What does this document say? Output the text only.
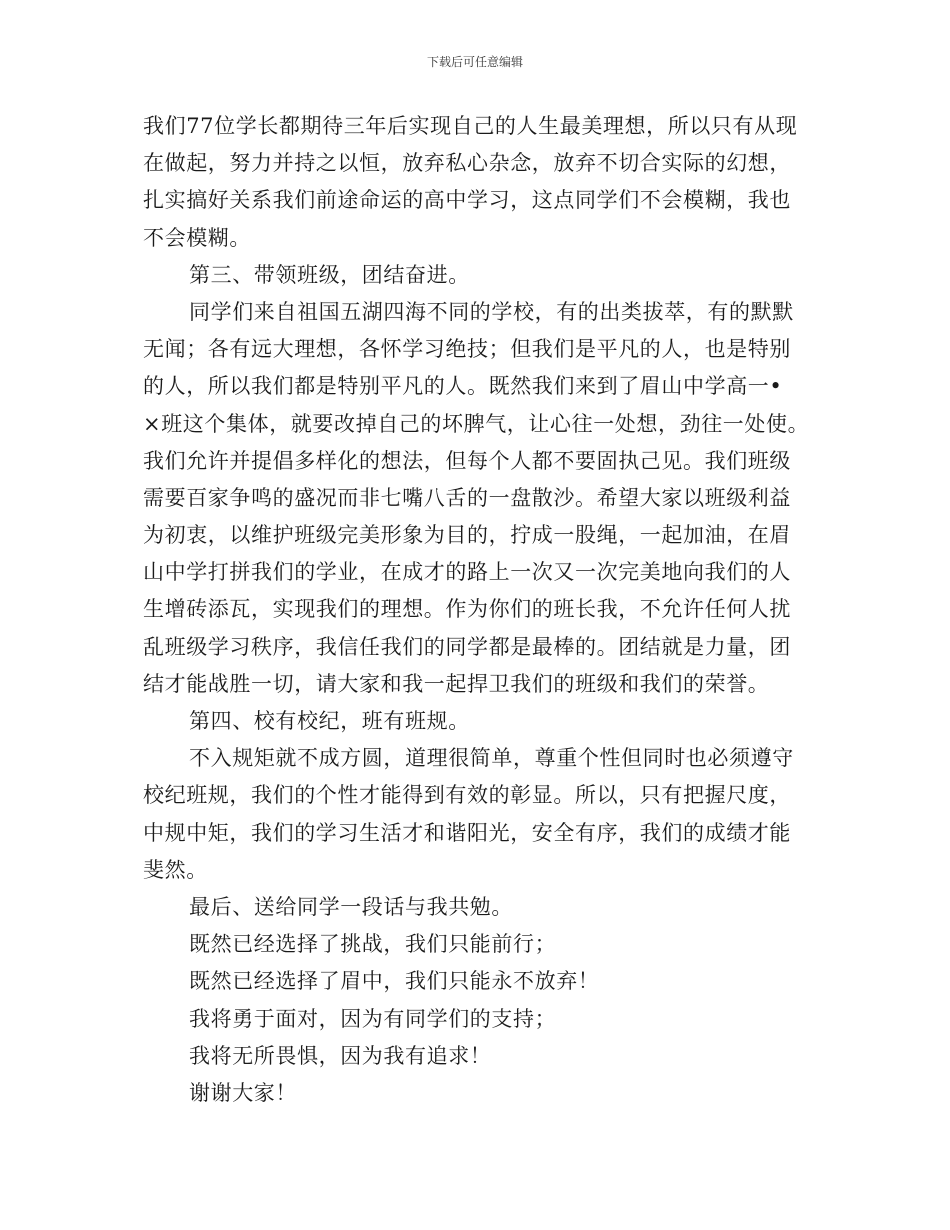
下载后可任意编辑
我们77位学长都期待三年后实现自己的人生最美理想，所以只有从现
在做起，努力并持之以恒，放弃私心杂念，放弃不切合实际的幻想，
扎实搞好关系我们前途命运的高中学习，这点同学们不会模糊，我也
不会模糊。
第三、带领班级，团结奋进。
同学们来自祖国五湖四海不同的学校，有的出类拔萃，有的默默
无闻；各有远大理想，各怀学习绝技；但我们是平凡的人，也是特别
的人，所以我们都是特别平凡的人。既然我们来到了眉山中学高一•
×班这个集体，就要改掉自己的坏脾气，让心往一处想，劲往一处使。
我们允许并提倡多样化的想法，但每个人都不要固执己见。我们班级
需要百家争鸣的盛况而非七嘴八舌的一盘散沙。希望大家以班级利益
为初衷，以维护班级完美形象为目的，拧成一股绳，一起加油，在眉
山中学打拼我们的学业，在成才的路上一次又一次完美地向我们的人
生增砖添瓦，实现我们的理想。作为你们的班长我，不允许任何人扰
乱班级学习秩序，我信任我们的同学都是最棒的。团结就是力量，团
结才能战胜一切，请大家和我一起捍卫我们的班级和我们的荣誉。
第四、校有校纪，班有班规。
不入规矩就不成方圆，道理很简单，尊重个性但同时也必须遵守
校纪班规，我们的个性才能得到有效的彰显。所以，只有把握尺度，
中规中矩，我们的学习生活才和谐阳光，安全有序，我们的成绩才能
斐然。
最后、送给同学一段话与我共勉。
既然已经选择了挑战，我们只能前行；
既然已经选择了眉中，我们只能永不放弃！
我将勇于面对，因为有同学们的支持；
我将无所畏惧，因为我有追求！
谢谢大家！
